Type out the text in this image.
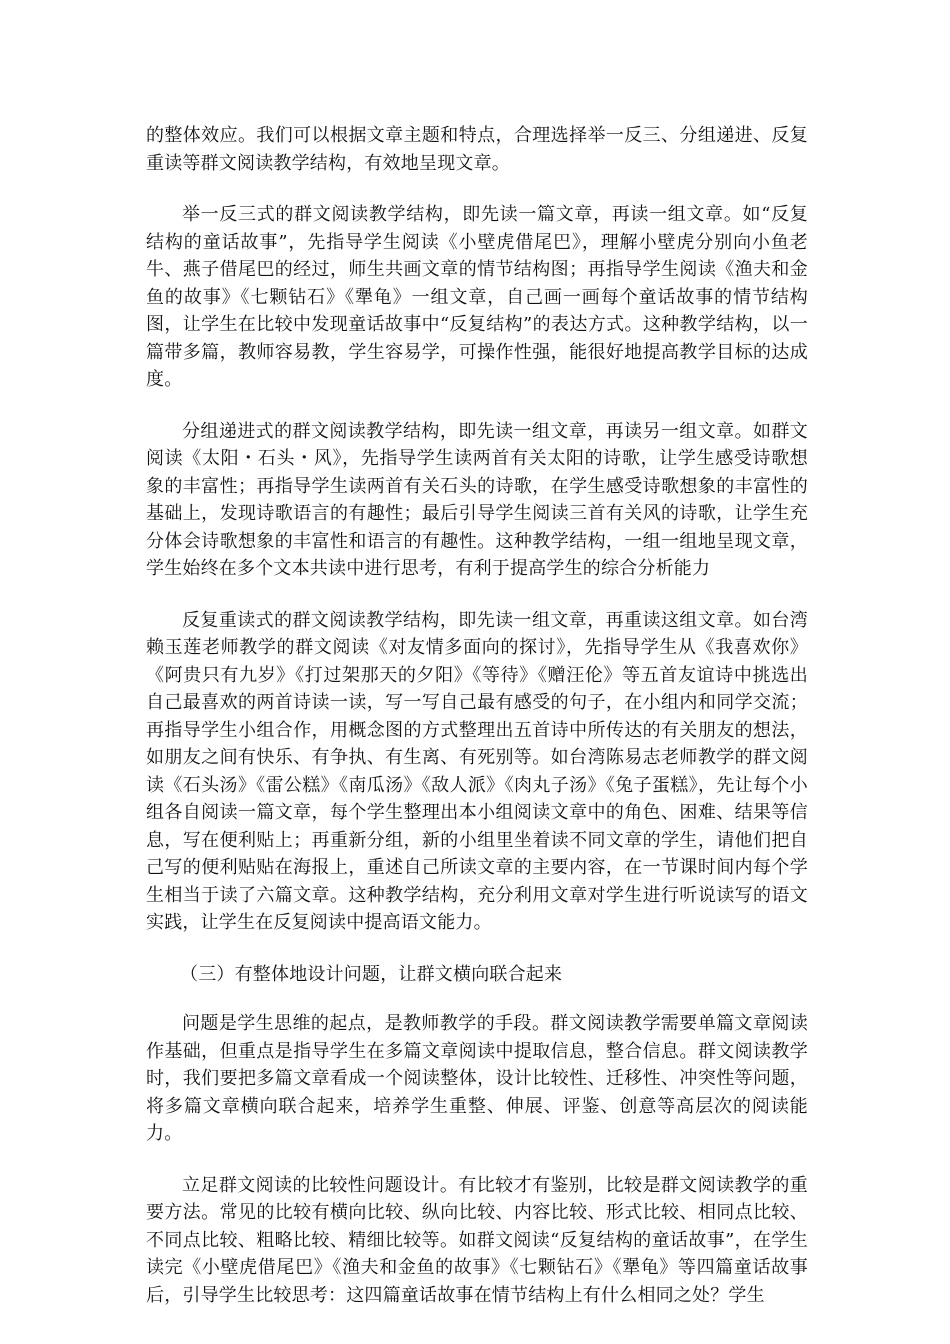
的整体效应。我们可以根据文章主题和特点，合理选择举一反三、分组递进、反复重读等群文阅读教学结构，有效地呈现文章。

举一反三式的群文阅读教学结构，即先读一篇文章，再读一组文章。如“反复结构的童话故事”，先指导学生阅读《小壁虎借尾巴》，理解小壁虎分别向小鱼老牛、燕子借尾巴的经过，师生共画文章的情节结构图；再指导学生阅读《渔夫和金鱼的故事》《七颗钻石》《犟龟》一组文章，自己画一画每个童话故事的情节结构图，让学生在比较中发现童话故事中“反复结构”的表达方式。这种教学结构，以一篇带多篇，教师容易教，学生容易学，可操作性强，能很好地提高教学目标的达成度。

分组递进式的群文阅读教学结构，即先读一组文章，再读另一组文章。如群文阅读《太阳・石头・风》，先指导学生读两首有关太阳的诗歌，让学生感受诗歌想象的丰富性；再指导学生读两首有关石头的诗歌，在学生感受诗歌想象的丰富性的基础上，发现诗歌语言的有趣性；最后引导学生阅读三首有关风的诗歌，让学生充分体会诗歌想象的丰富性和语言的有趣性。这种教学结构，一组一组地呈现文章，学生始终在多个文本共读中进行思考，有利于提高学生的综合分析能力

反复重读式的群文阅读教学结构，即先读一组文章，再重读这组文章。如台湾赖玉莲老师教学的群文阅读《对友情多面向的探讨》，先指导学生从《我喜欢你》《阿贵只有九岁》《打过架那天的夕阳》《等待》《赠汪伦》等五首友谊诗中挑选出自己最喜欢的两首诗读一读，写一写自己最有感受的句子，在小组内和同学交流；再指导学生小组合作，用概念图的方式整理出五首诗中所传达的有关朋友的想法，如朋友之间有快乐、有争执、有生离、有死别等。如台湾陈易志老师教学的群文阅读《石头汤》《雷公糕》《南瓜汤》《敌人派》《肉丸子汤》《兔子蛋糕》，先让每个小组各自阅读一篇文章，每个学生整理出本小组阅读文章中的角色、困难、结果等信息，写在便利贴上；再重新分组，新的小组里坐着读不同文章的学生，请他们把自己写的便利贴贴在海报上，重述自己所读文章的主要内容，在一节课时间内每个学生相当于读了六篇文章。这种教学结构，充分利用文章对学生进行听说读写的语文实践，让学生在反复阅读中提高语文能力。

（三）有整体地设计问题，让群文横向联合起来

问题是学生思维的起点，是教师教学的手段。群文阅读教学需要单篇文章阅读作基础，但重点是指导学生在多篇文章阅读中提取信息，整合信息。群文阅读教学时，我们要把多篇文章看成一个阅读整体，设计比较性、迁移性、冲突性等问题，将多篇文章横向联合起来，培养学生重整、伸展、评鉴、创意等高层次的阅读能力。

立足群文阅读的比较性问题设计。有比较才有鉴别，比较是群文阅读教学的重要方法。常见的比较有横向比较、纵向比较、内容比较、形式比较、相同点比较、不同点比较、粗略比较、精细比较等。如群文阅读“反复结构的童话故事”，在学生读完《小壁虎借尾巴》《渔夫和金鱼的故事》《七颗钻石》《犟龟》等四篇童话故事后，引导学生比较思考：这四篇童话故事在情节结构上有什么相同之处？学生
